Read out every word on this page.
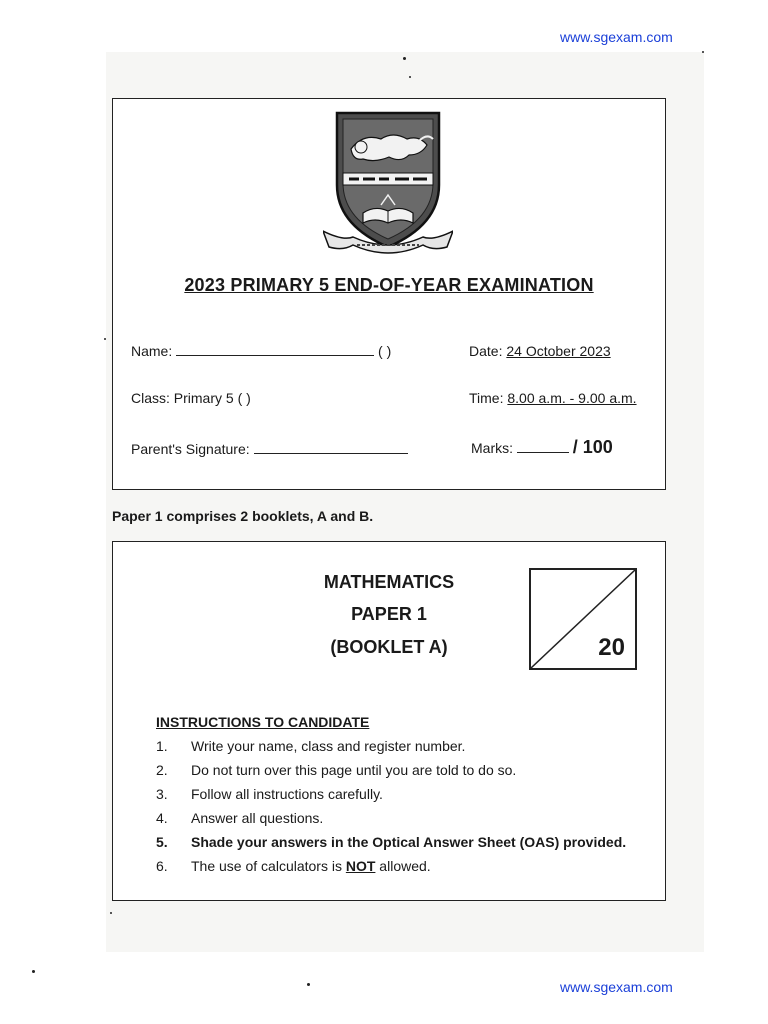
www.sgexam.com
2023 PRIMARY 5 END-OF-YEAR EXAMINATION
Name:	( )	Date: 24 October 2023
Class: Primary 5 ( )	Time: 8.00 a.m. - 9.00 a.m.
Parent's Signature:	Marks:	/ 100
Paper 1 comprises 2 booklets, A and B.
MATHEMATICS
PAPER 1
(BOOKLET A)	20
INSTRUCTIONS TO CANDIDATE
1. Write your name, class and register number.
2. Do not turn over this page until you are told to do so.
3. Follow all instructions carefully.
4. Answer all questions.
5. Shade your answers in the Optical Answer Sheet (OAS) provided.
6. The use of calculators is NOT allowed.
www.sgexam.com
